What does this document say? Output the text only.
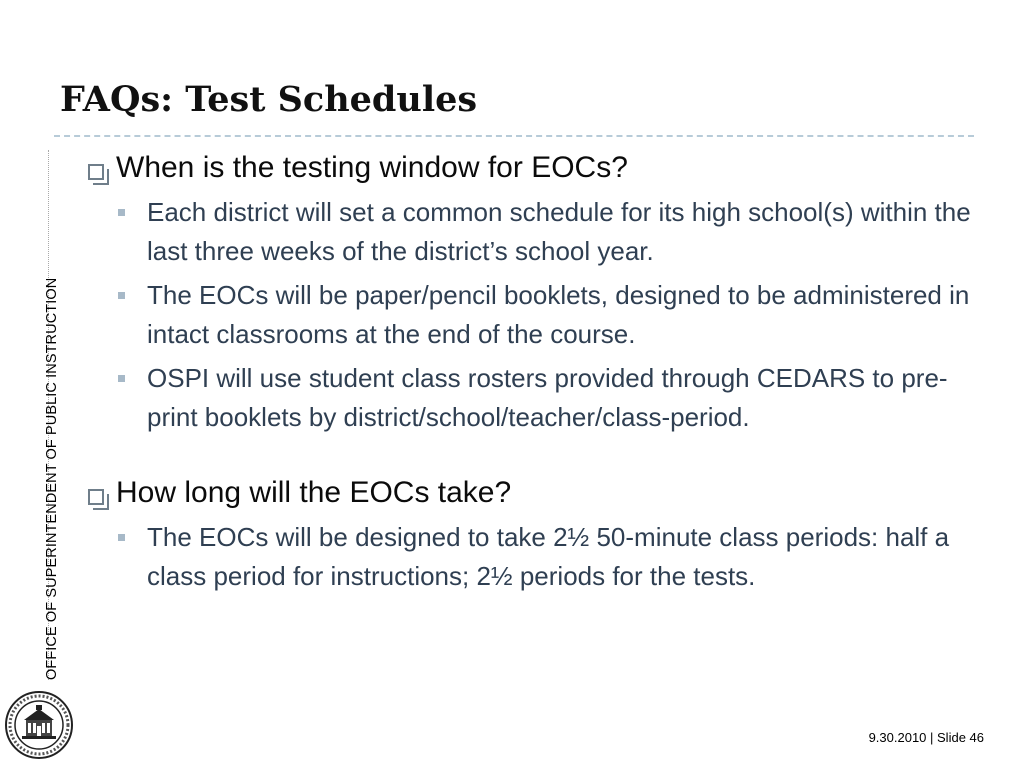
FAQs: Test Schedules
OFFICE OF SUPERINTENDENT OF PUBLIC INSTRUCTION
When is the testing window for EOCs?
Each district will set a common schedule for its high school(s) within the last three weeks of the district’s school year.
The EOCs will be paper/pencil booklets, designed to be administered in intact classrooms at the end of the course.
OSPI will use student class rosters provided through CEDARS to pre-print booklets by district/school/teacher/class-period.
How long will the EOCs take?
The EOCs will be designed to take 2½ 50-minute class periods: half a class period for instructions; 2½ periods for the tests.
9.30.2010 | Slide 46
